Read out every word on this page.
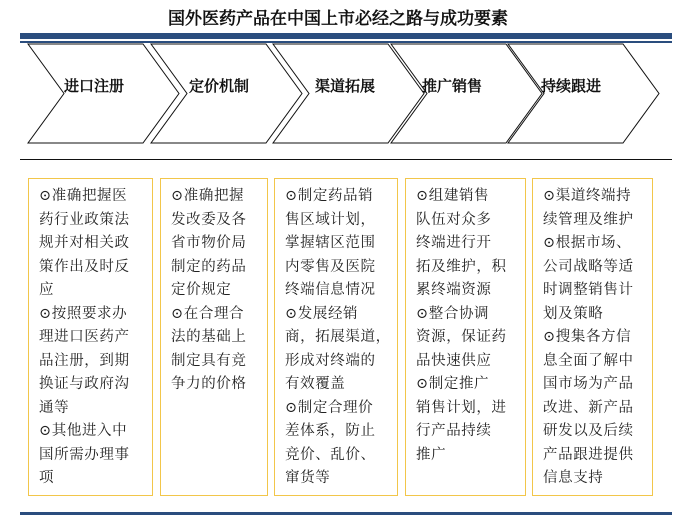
国外医药产品在中国上市必经之路与成功要素
进口注册	定价机制	渠道拓展	推广销售	持续跟进
⊙准确把握医
药行业政策法
规并对相关政
策作出及时反
应
⊙按照要求办
理进口医药产
品注册，到期
换证与政府沟
通等
⊙其他进入中
国所需办理事
项
⊙准确把握
发改委及各
省市物价局
制定的药品
定价规定
⊙在合理合
法的基础上
制定具有竞
争力的价格
⊙制定药品销
售区域计划，
掌握辖区范围
内零售及医院
终端信息情况
⊙发展经销
商，拓展渠道，
形成对终端的
有效覆盖
⊙制定合理价
差体系，防止
竞价、乱价、
窜货等
⊙组建销售
队伍对众多
终端进行开
拓及维护，积
累终端资源
⊙整合协调
资源，保证药
品快速供应
⊙制定推广
销售计划，进
行产品持续
推广
⊙渠道终端持
续管理及维护
⊙根据市场、
公司战略等适
时调整销售计
划及策略
⊙搜集各方信
息全面了解中
国市场为产品
改进、新产品
研发以及后续
产品跟进提供
信息支持
